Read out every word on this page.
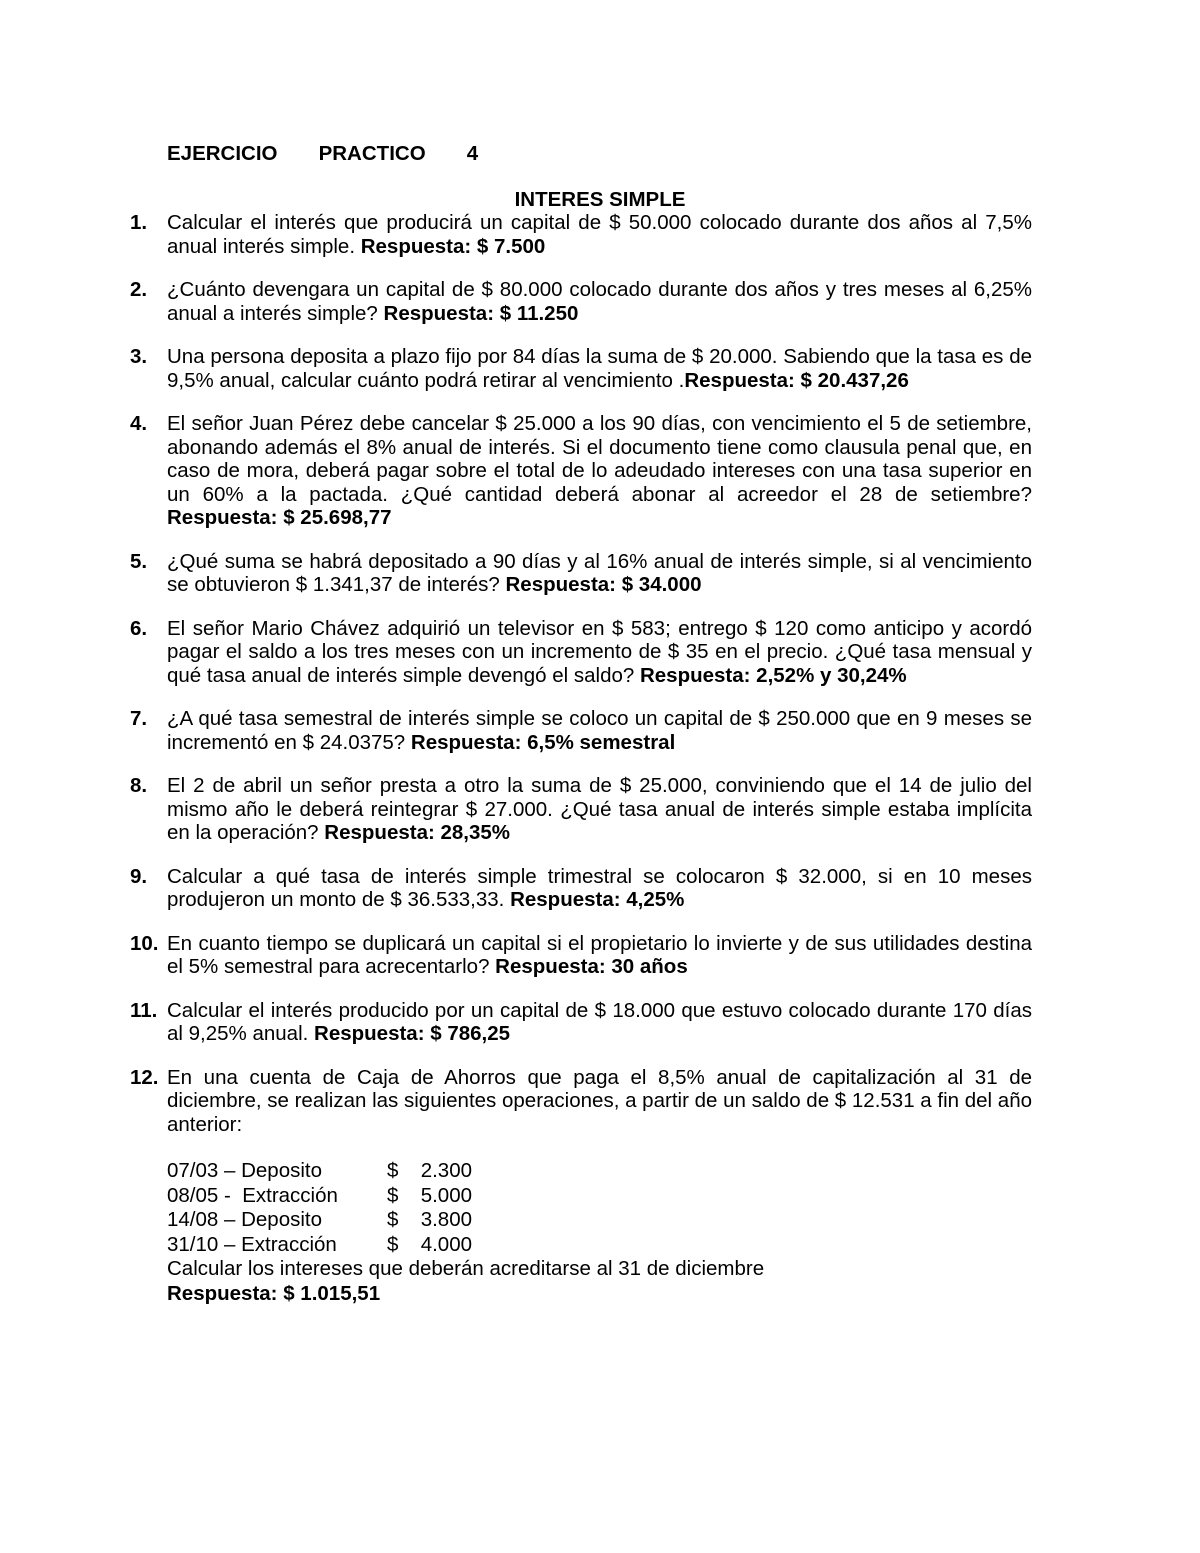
EJERCICIO   PRACTICO   4
INTERES SIMPLE
1. Calcular el interés que producirá un capital de $ 50.000 colocado durante dos años al 7,5% anual interés simple. Respuesta: $ 7.500
2. ¿Cuánto devengara un capital de $ 80.000 colocado durante dos años y tres meses al 6,25% anual a interés simple? Respuesta: $ 11.250
3. Una persona deposita a plazo fijo por 84 días la suma de $ 20.000. Sabiendo que la tasa es de 9,5% anual, calcular cuánto podrá retirar al vencimiento .Respuesta: $ 20.437,26
4. El señor Juan Pérez debe cancelar $ 25.000 a los 90 días, con vencimiento el 5 de setiembre, abonando además el 8% anual de interés. Si el documento tiene como clausula penal que, en caso de mora, deberá pagar sobre el total de lo adeudado intereses con una tasa superior en un 60% a la pactada. ¿Qué cantidad deberá abonar al acreedor el 28 de setiembre? Respuesta: $ 25.698,77
5. ¿Qué suma se habrá depositado a 90 días y al 16% anual de interés simple, si al vencimiento se obtuvieron $ 1.341,37 de interés? Respuesta: $ 34.000
6. El señor Mario Chávez adquirió un televisor en $ 583; entrego $ 120 como anticipo y acordó pagar el saldo a los tres meses con un incremento de $ 35 en el precio. ¿Qué tasa mensual y qué tasa anual de interés simple devengó el saldo? Respuesta: 2,52% y 30,24%
7. ¿A qué tasa semestral de interés simple se coloco un capital de $ 250.000 que en 9 meses se incrementó en $ 24.0375? Respuesta: 6,5% semestral
8. El 2 de abril un señor presta a otro la suma de $ 25.000, conviniendo que el 14 de julio del mismo año le deberá reintegrar $ 27.000. ¿Qué tasa anual de interés simple estaba implícita en la operación? Respuesta: 28,35%
9. Calcular a qué tasa de interés simple trimestral se colocaron $ 32.000, si en 10 meses produjeron un monto de $ 36.533,33. Respuesta: 4,25%
10. En cuanto tiempo se duplicará un capital si el propietario lo invierte y de sus utilidades destina el 5% semestral para acrecentarlo? Respuesta: 30 años
11. Calcular el interés producido por un capital de $ 18.000 que estuvo colocado durante 170 días al 9,25% anual. Respuesta: $ 786,25
12. En una cuenta de Caja de Ahorros que paga el 8,5% anual de capitalización al 31 de diciembre, se realizan las siguientes operaciones, a partir de un saldo de $ 12.531 a fin del año anterior:
07/03 – Deposito	$ 2.300
08/05 -  Extracción	$ 5.000
14/08 – Deposito	$ 3.800
31/10 – Extracción	$ 4.000
Calcular los intereses que deberán acreditarse al 31 de diciembre
Respuesta: $ 1.015,51
